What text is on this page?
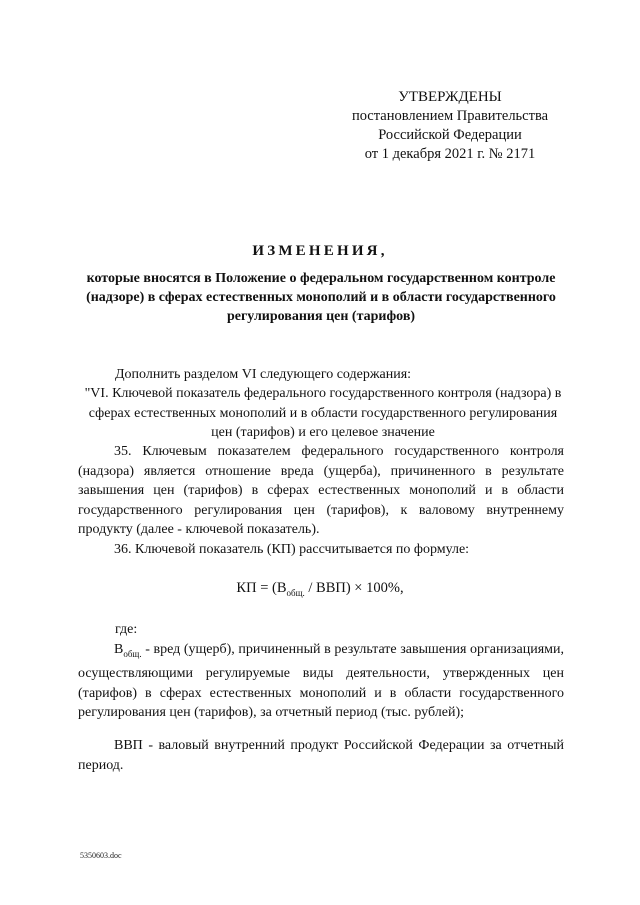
УТВЕРЖДЕНЫ
постановлением Правительства
Российской Федерации
от 1 декабря 2021 г. № 2171
ИЗМЕНЕНИЯ,
которые вносятся в Положение о федеральном государственном контроле (надзоре) в сферах естественных монополий и в области государственного регулирования цен (тарифов)
Дополнить разделом VI следующего содержания:
"VI. Ключевой показатель федерального государственного контроля (надзора) в сферах естественных монополий и в области государственного регулирования цен (тарифов) и его целевое значение
35. Ключевым показателем федерального государственного контроля (надзора) является отношение вреда (ущерба), причиненного в результате завышения цен (тарифов) в сферах естественных монополий и в области государственного регулирования цен (тарифов), к валовому внутреннему продукту (далее - ключевой показатель).
36. Ключевой показатель (КП) рассчитывается по формуле:
КП = $(В_{общ.} / ВВП) \times 100\%$,
где:
$В_{общ.}$ - вред (ущерб), причиненный в результате завышения организациями, осуществляющими регулируемые виды деятельности, утвержденных цен (тарифов) в сферах естественных монополий и в области государственного регулирования цен (тарифов), за отчетный период (тыс. рублей);
ВВП - валовый внутренний продукт Российской Федерации за отчетный период.
5350603.doc
